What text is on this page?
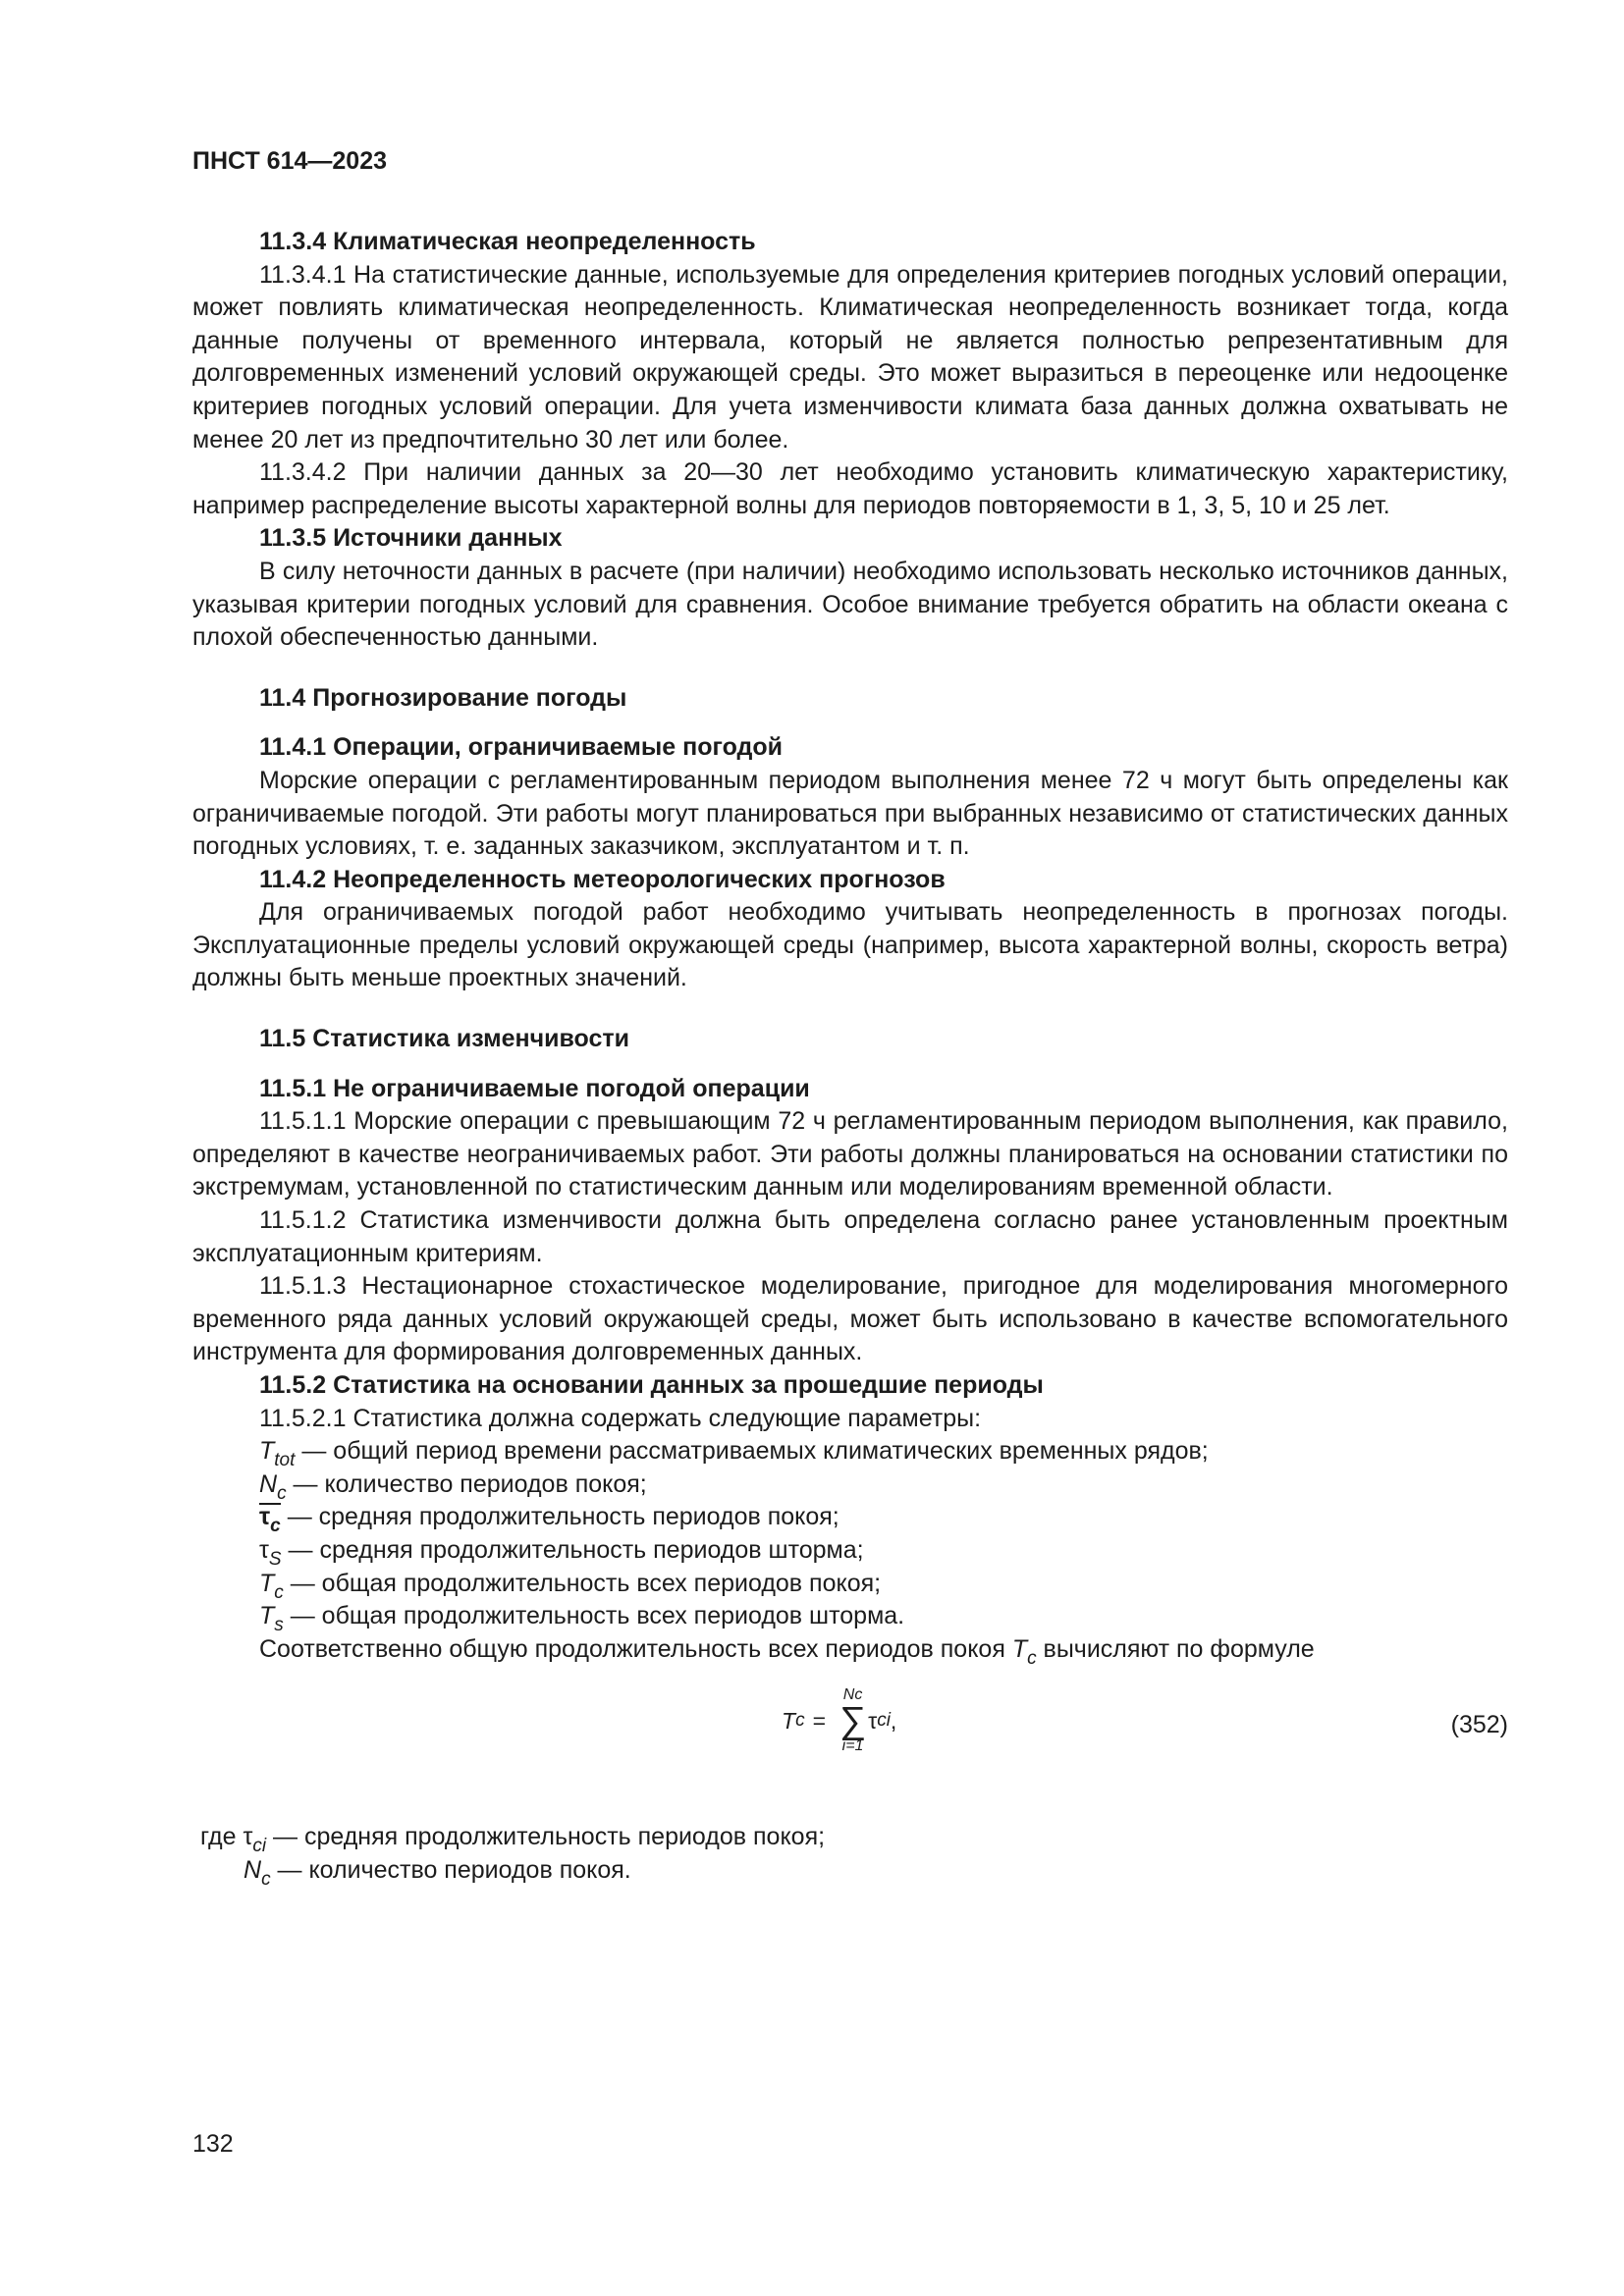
ПНСТ 614—2023
11.3.4 Климатическая неопределенность

11.3.4.1 На статистические данные, используемые для определения критериев погодных условий операции, может повлиять климатическая неопределенность. Климатическая неопределенность возникает тогда, когда данные получены от временного интервала, который не является полностью репрезентативным для долговременных изменений условий окружающей среды. Это может выразиться в переоценке или недооценке критериев погодных условий операции. Для учета изменчивости климата база данных должна охватывать не менее 20 лет из предпочтительно 30 лет или более.

11.3.4.2 При наличии данных за 20—30 лет необходимо установить климатическую характеристику, например распределение высоты характерной волны для периодов повторяемости в 1, 3, 5, 10 и 25 лет.

11.3.5 Источники данных

В силу неточности данных в расчете (при наличии) необходимо использовать несколько источников данных, указывая критерии погодных условий для сравнения. Особое внимание требуется обратить на области океана с плохой обеспеченностью данными.

11.4 Прогнозирование погоды
11.4.1 Операции, ограничиваемые погодой

Морские операции с регламентированным периодом выполнения менее 72 ч могут быть определены как ограничиваемые погодой. Эти работы могут планироваться при выбранных независимо от статистических данных погодных условиях, т. е. заданных заказчиком, эксплуатантом и т. п.

11.4.2 Неопределенность метеорологических прогнозов

Для ограничиваемых погодой работ необходимо учитывать неопределенность в прогнозах погоды. Эксплуатационные пределы условий окружающей среды (например, высота характерной волны, скорость ветра) должны быть меньше проектных значений.

11.5 Статистика изменчивости
11.5.1 Не ограничиваемые погодой операции

11.5.1.1 Морские операции с превышающим 72 ч регламентированным периодом выполнения, как правило, определяют в качестве неограничиваемых работ. Эти работы должны планироваться на основании статистики по экстремумам, установленной по статистическим данным или моделированиям временной области.

11.5.1.2 Статистика изменчивости должна быть определена согласно ранее установленным проектным эксплуатационным критериям.

11.5.1.3 Нестационарное стохастическое моделирование, пригодное для моделирования многомерного временного ряда данных условий окружающей среды, может быть использовано в качестве вспомогательного инструмента для формирования долговременных данных.

11.5.2 Статистика на основании данных за прошедшие периоды

11.5.2.1 Статистика должна содержать следующие параметры:

$T_{tot}$ — общий период времени рассматриваемых климатических временных рядов;
$N_c$ — количество периодов покоя;
$\tau_c$ — средняя продолжительность периодов покоя;
$\tau_S$ — средняя продолжительность периодов шторма;
$T_c$ — общая продолжительность всех периодов покоя;
$T_s$ — общая продолжительность всех периодов шторма.

Соответственно общую продолжительность всех периодов покоя $T_c$ вычисляют по формуле

T c =
Nc
∑
i=1
τ ci ,	(352)
где $\tau_{ci}$ — средняя продолжительность периодов покоя;
$N_c$ — количество периодов покоя.
132
